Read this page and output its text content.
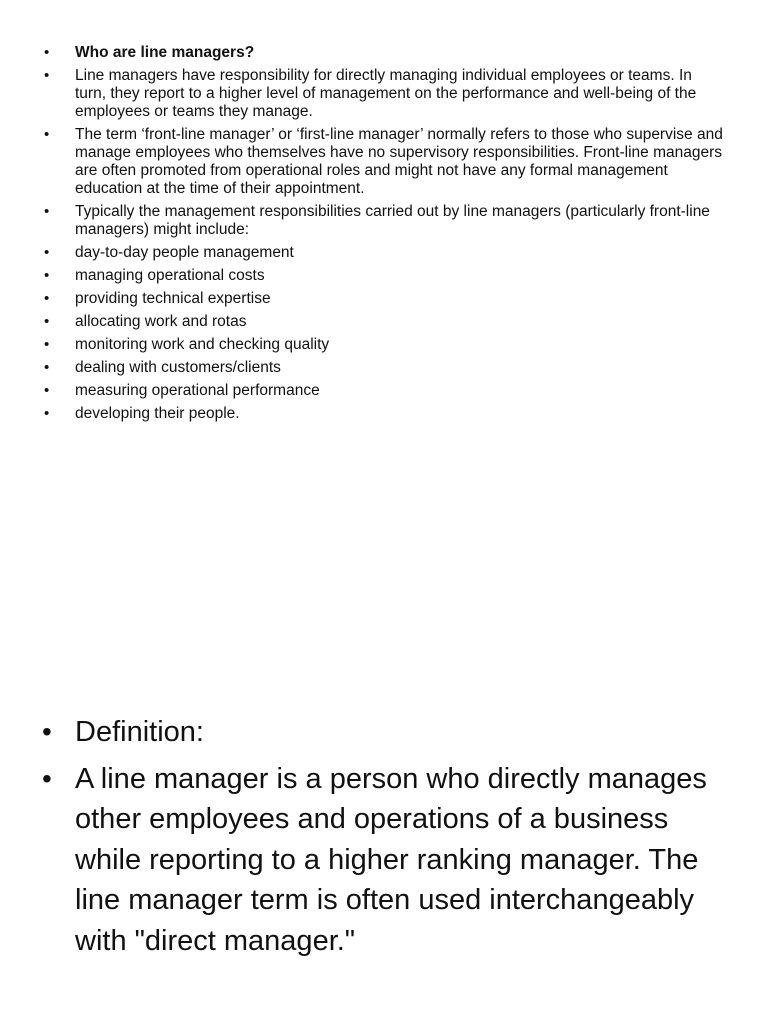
• Who are line managers?
• Line managers have responsibility for directly managing individual employees or teams. In turn, they report to a higher level of management on the performance and well-being of the employees or teams they manage.
• The term ‘front-line manager’ or ‘first-line manager’ normally refers to those who supervise and manage employees who themselves have no supervisory responsibilities. Front-line managers are often promoted from operational roles and might not have any formal management education at the time of their appointment.
• Typically the management responsibilities carried out by line managers (particularly front-line managers) might include:
• day-to-day people management
• managing operational costs
• providing technical expertise
• allocating work and rotas
• monitoring work and checking quality
• dealing with customers/clients
• measuring operational performance
• developing their people.
• Definition:
• A line manager is a person who directly manages other employees and operations of a business while reporting to a higher ranking manager. The line manager term is often used interchangeably with "direct manager."
